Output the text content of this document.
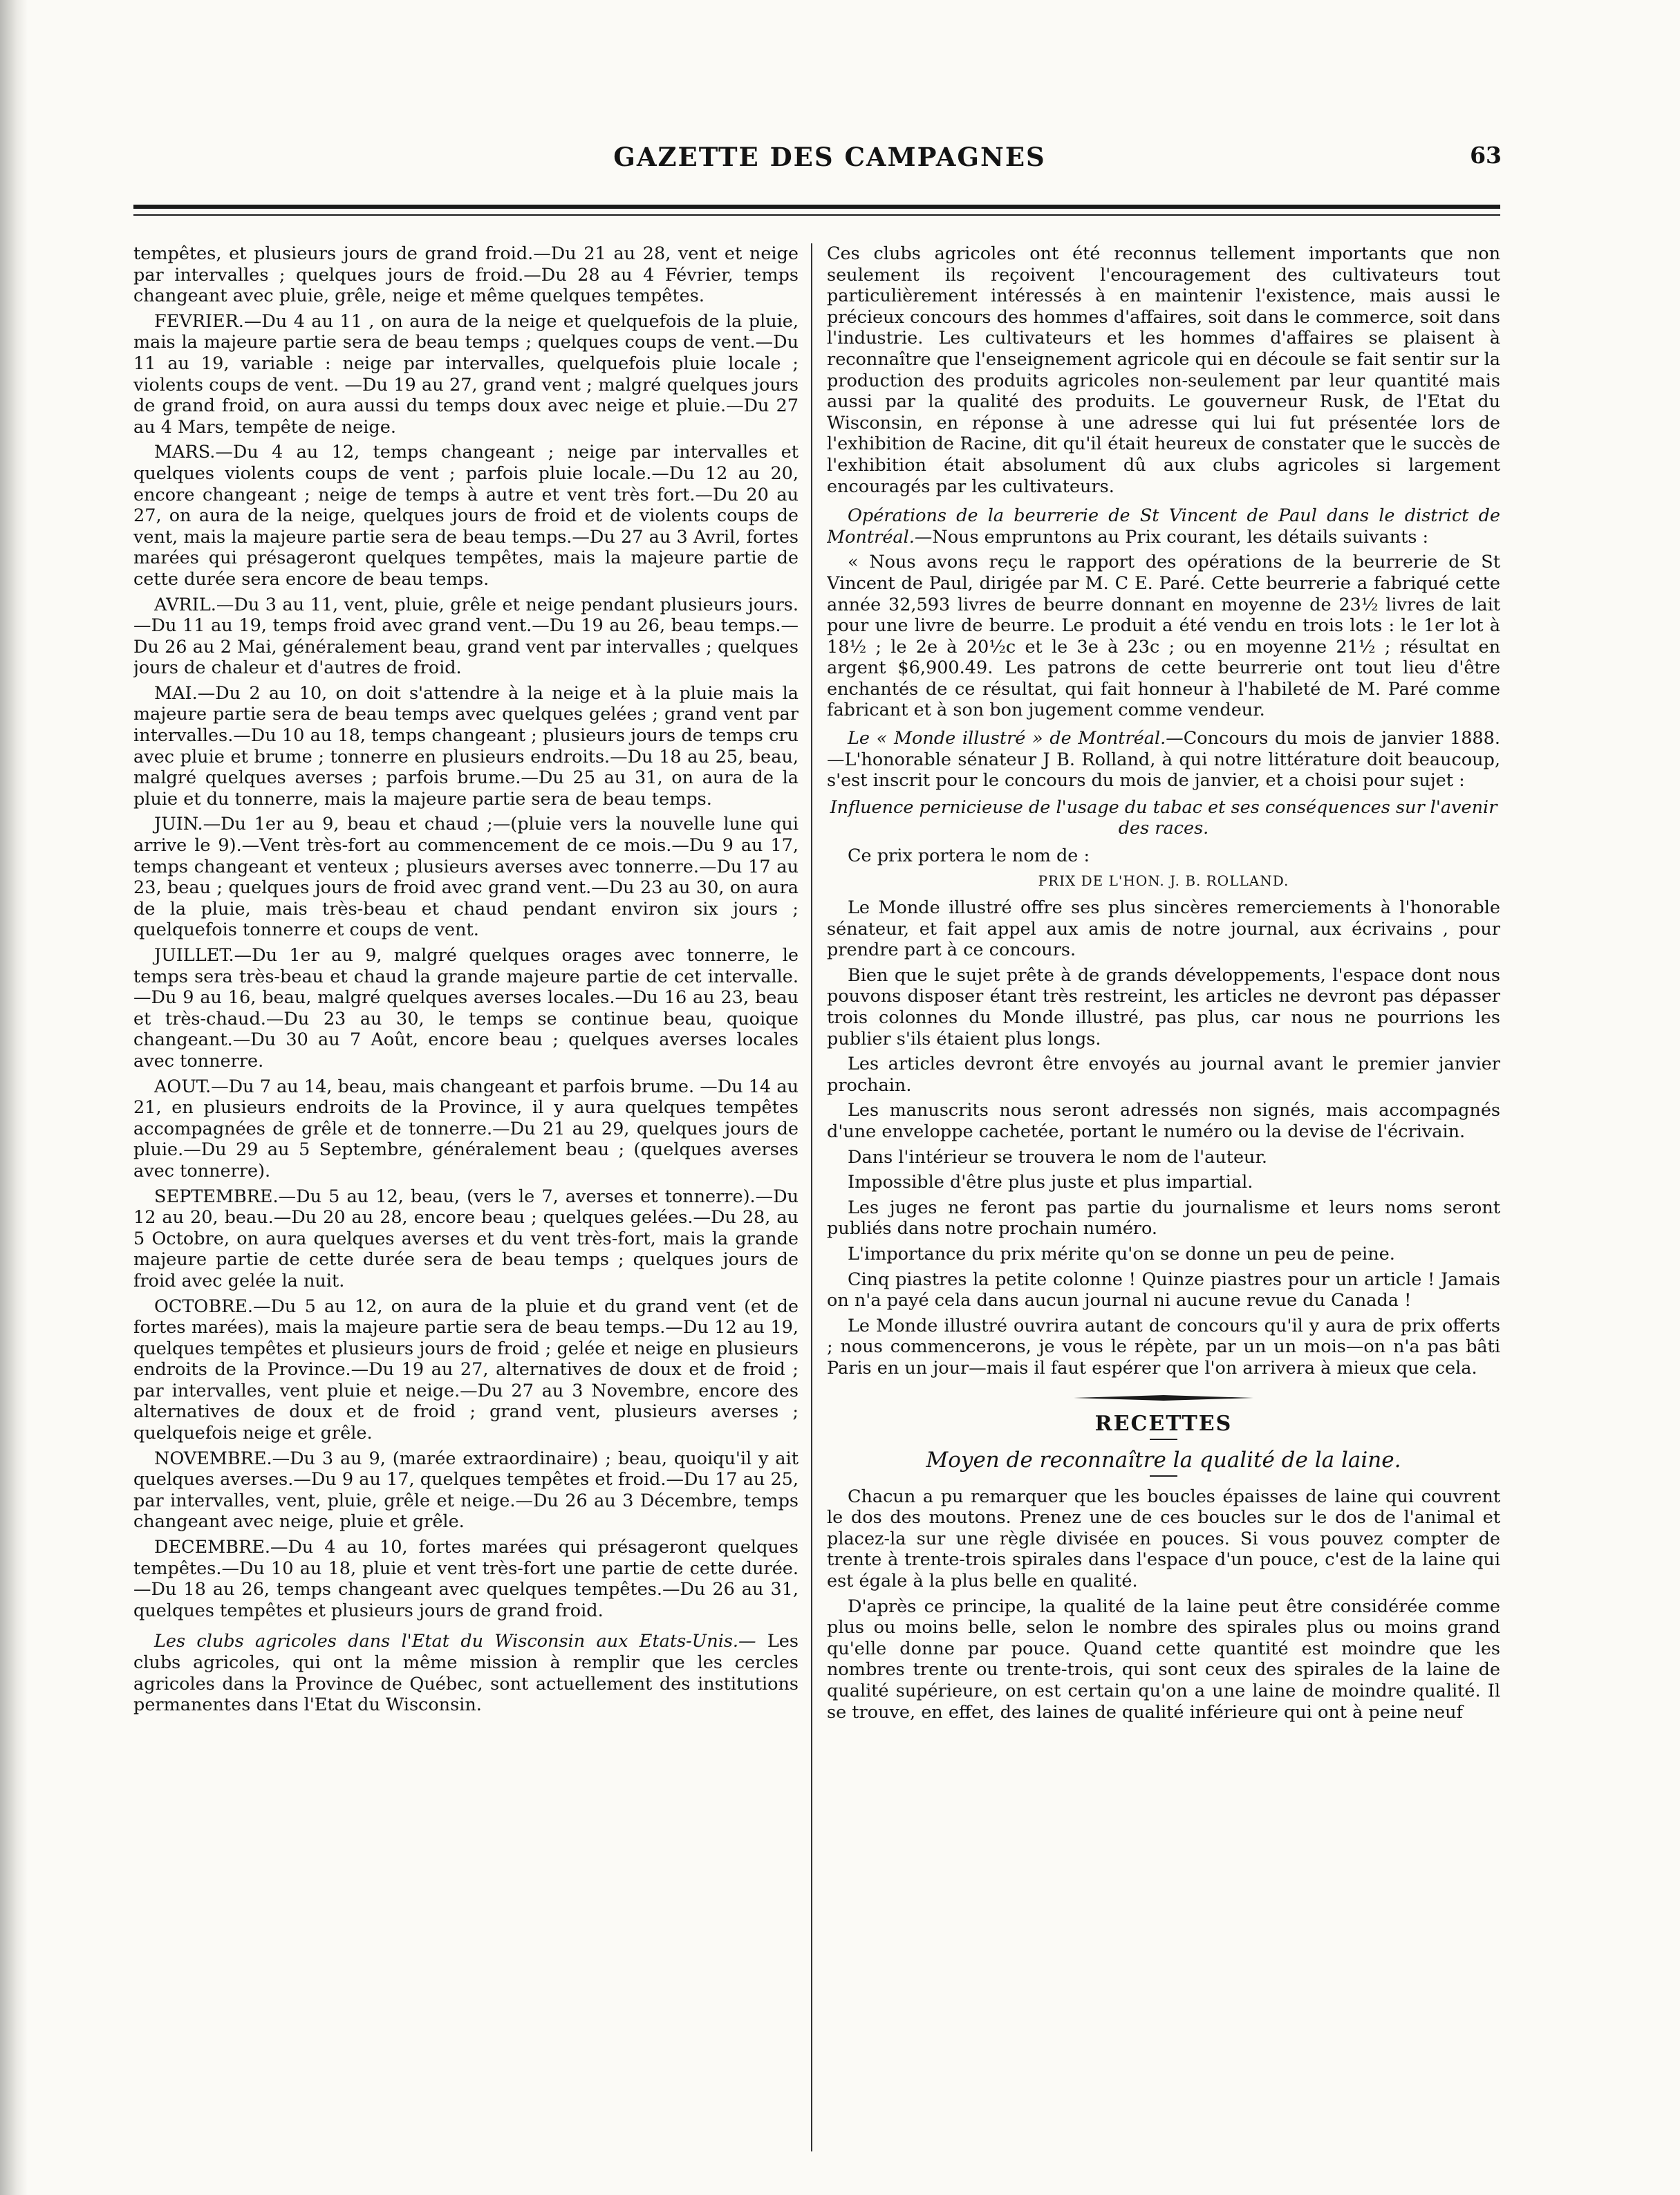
GAZETTE DES CAMPAGNES	63

tempêtes, et plusieurs jours de grand froid.—Du 21 au 28, vent et neige par intervalles ; quelques jours de froid.—Du 28 au 4 Février, temps changeant avec pluie, grêle, neige et même quelques tempêtes.

FEVRIER.—Du 4 au 11 , on aura de la neige et quelquefois de la pluie, mais la majeure partie sera de beau temps ; quelques coups de vent.—Du 11 au 19, variable : neige par intervalles, quelquefois pluie locale ; violents coups de vent. —Du 19 au 27, grand vent ; malgré quelques jours de grand froid, on aura aussi du temps doux avec neige et pluie.—Du 27 au 4 Mars, tempête de neige.

MARS.—Du 4 au 12, temps changeant ; neige par intervalles et quelques violents coups de vent ; parfois pluie locale.—Du 12 au 20, encore changeant ; neige de temps à autre et vent très fort.—Du 20 au 27, on aura de la neige, quelques jours de froid et de violents coups de vent, mais la majeure partie sera de beau temps.—Du 27 au 3 Avril, fortes marées qui présageront quelques tempêtes, mais la majeure partie de cette durée sera encore de beau temps.

AVRIL.—Du 3 au 11, vent, pluie, grêle et neige pendant plusieurs jours.—Du 11 au 19, temps froid avec grand vent.—Du 19 au 26, beau temps.—Du 26 au 2 Mai, généralement beau, grand vent par intervalles ; quelques jours de chaleur et d'autres de froid.

MAI.—Du 2 au 10, on doit s'attendre à la neige et à la pluie mais la majeure partie sera de beau temps avec quelques gelées ; grand vent par intervalles.—Du 10 au 18, temps changeant ; plusieurs jours de temps cru avec pluie et brume ; tonnerre en plusieurs endroits.—Du 18 au 25, beau, malgré quelques averses ; parfois brume.—Du 25 au 31, on aura de la pluie et du tonnerre, mais la majeure partie sera de beau temps.

JUIN.—Du 1er au 9, beau et chaud ;—(pluie vers la nouvelle lune qui arrive le 9).—Vent très-fort au commencement de ce mois.—Du 9 au 17, temps changeant et venteux ; plusieurs averses avec tonnerre.—Du 17 au 23, beau ; quelques jours de froid avec grand vent.—Du 23 au 30, on aura de la pluie, mais très-beau et chaud pendant environ six jours ; quelquefois tonnerre et coups de vent.

JUILLET.—Du 1er au 9, malgré quelques orages avec tonnerre, le temps sera très-beau et chaud la grande majeure partie de cet intervalle.—Du 9 au 16, beau, malgré quelques averses locales.—Du 16 au 23, beau et très-chaud.—Du 23 au 30, le temps se continue beau, quoique changeant.—Du 30 au 7 Août, encore beau ; quelques averses locales avec tonnerre.

AOUT.—Du 7 au 14, beau, mais changeant et parfois brume. —Du 14 au 21, en plusieurs endroits de la Province, il y aura quelques tempêtes accompagnées de grêle et de tonnerre.—Du 21 au 29, quelques jours de pluie.—Du 29 au 5 Septembre, généralement beau ; (quelques averses avec tonnerre).

SEPTEMBRE.—Du 5 au 12, beau, (vers le 7, averses et tonnerre).—Du 12 au 20, beau.—Du 20 au 28, encore beau ; quelques gelées.—Du 28, au 5 Octobre, on aura quelques averses et du vent très-fort, mais la grande majeure partie de cette durée sera de beau temps ; quelques jours de froid avec gelée la nuit.

OCTOBRE.—Du 5 au 12, on aura de la pluie et du grand vent (et de fortes marées), mais la majeure partie sera de beau temps.—Du 12 au 19, quelques tempêtes et plusieurs jours de froid ; gelée et neige en plusieurs endroits de la Province.—Du 19 au 27, alternatives de doux et de froid ; par intervalles, vent pluie et neige.—Du 27 au 3 Novembre, encore des alternatives de doux et de froid ; grand vent, plusieurs averses ; quelquefois neige et grêle.

NOVEMBRE.—Du 3 au 9, (marée extraordinaire) ; beau, quoiqu'il y ait quelques averses.—Du 9 au 17, quelques tempêtes et froid.—Du 17 au 25, par intervalles, vent, pluie, grêle et neige.—Du 26 au 3 Décembre, temps changeant avec neige, pluie et grêle.

DECEMBRE.—Du 4 au 10, fortes marées qui présageront quelques tempêtes.—Du 10 au 18, pluie et vent très-fort une partie de cette durée.—Du 18 au 26, temps changeant avec quelques tempêtes.—Du 26 au 31, quelques tempêtes et plusieurs jours de grand froid.

Les clubs agricoles dans l'Etat du Wisconsin aux Etats-Unis.— Les clubs agricoles, qui ont la même mission à remplir que les cercles agricoles dans la Province de Québec, sont actuellement des institutions permanentes dans l'Etat du Wisconsin.

Ces clubs agricoles ont été reconnus tellement importants que non seulement ils reçoivent l'encouragement des cultivateurs tout particulièrement intéressés à en maintenir l'existence, mais aussi le précieux concours des hommes d'affaires, soit dans le commerce, soit dans l'industrie. Les cultivateurs et les hommes d'affaires se plaisent à reconnaître que l'enseignement agricole qui en découle se fait sentir sur la production des produits agricoles non-seulement par leur quantité mais aussi par la qualité des produits. Le gouverneur Rusk, de l'Etat du Wisconsin, en réponse à une adresse qui lui fut présentée lors de l'exhibition de Racine, dit qu'il était heureux de constater que le succès de l'exhibition était absolument dû aux clubs agricoles si largement encouragés par les cultivateurs.

Opérations de la beurrerie de St Vincent de Paul dans le district de Montréal.—Nous empruntons au Prix courant, les détails suivants :

« Nous avons reçu le rapport des opérations de la beurrerie de St Vincent de Paul, dirigée par M. C E. Paré. Cette beurrerie a fabriqué cette année 32,593 livres de beurre donnant en moyenne de 23½ livres de lait pour une livre de beurre. Le produit a été vendu en trois lots : le 1er lot à 18½ ; le 2e à 20½c et le 3e à 23c ; ou en moyenne 21½ ; résultat en argent $6,900.49. Les patrons de cette beurrerie ont tout lieu d'être enchantés de ce résultat, qui fait honneur à l'habileté de M. Paré comme fabricant et à son bon jugement comme vendeur.

Le « Monde illustré » de Montréal.—Concours du mois de janvier 1888.—L'honorable sénateur J B. Rolland, à qui notre littérature doit beaucoup, s'est inscrit pour le concours du mois de janvier, et a choisi pour sujet :

Influence pernicieuse de l'usage du tabac et ses conséquences sur l'avenir des races.

Ce prix portera le nom de :

PRIX DE L'HON. J. B. ROLLAND.

Le Monde illustré offre ses plus sincères remerciements à l'honorable sénateur, et fait appel aux amis de notre journal, aux écrivains , pour prendre part à ce concours.

Bien que le sujet prête à de grands développements, l'espace dont nous pouvons disposer étant très restreint, les articles ne devront pas dépasser trois colonnes du Monde illustré, pas plus, car nous ne pourrions les publier s'ils étaient plus longs.

Les articles devront être envoyés au journal avant le premier janvier prochain.

Les manuscrits nous seront adressés non signés, mais accompagnés d'une enveloppe cachetée, portant le numéro ou la devise de l'écrivain.

Dans l'intérieur se trouvera le nom de l'auteur.

Impossible d'être plus juste et plus impartial.

Les juges ne feront pas partie du journalisme et leurs noms seront publiés dans notre prochain numéro.

L'importance du prix mérite qu'on se donne un peu de peine.

Cinq piastres la petite colonne ! Quinze piastres pour un article ! Jamais on n'a payé cela dans aucun journal ni aucune revue du Canada !

Le Monde illustré ouvrira autant de concours qu'il y aura de prix offerts ; nous commencerons, je vous le répète, par un un mois—on n'a pas bâti Paris en un jour—mais il faut espérer que l'on arrivera à mieux que cela.

RECETTES
Moyen de reconnaître la qualité de la laine.

Chacun a pu remarquer que les boucles épaisses de laine qui couvrent le dos des moutons. Prenez une de ces boucles sur le dos de l'animal et placez-la sur une règle divisée en pouces. Si vous pouvez compter de trente à trente-trois spirales dans l'espace d'un pouce, c'est de la laine qui est égale à la plus belle en qualité.

D'après ce principe, la qualité de la laine peut être considérée comme plus ou moins belle, selon le nombre des spirales plus ou moins grand qu'elle donne par pouce. Quand cette quantité est moindre que les nombres trente ou trente-trois, qui sont ceux des spirales de la laine de qualité supérieure, on est certain qu'on a une laine de moindre qualité. Il se trouve, en effet, des laines de qualité inférieure qui ont à peine neuf
